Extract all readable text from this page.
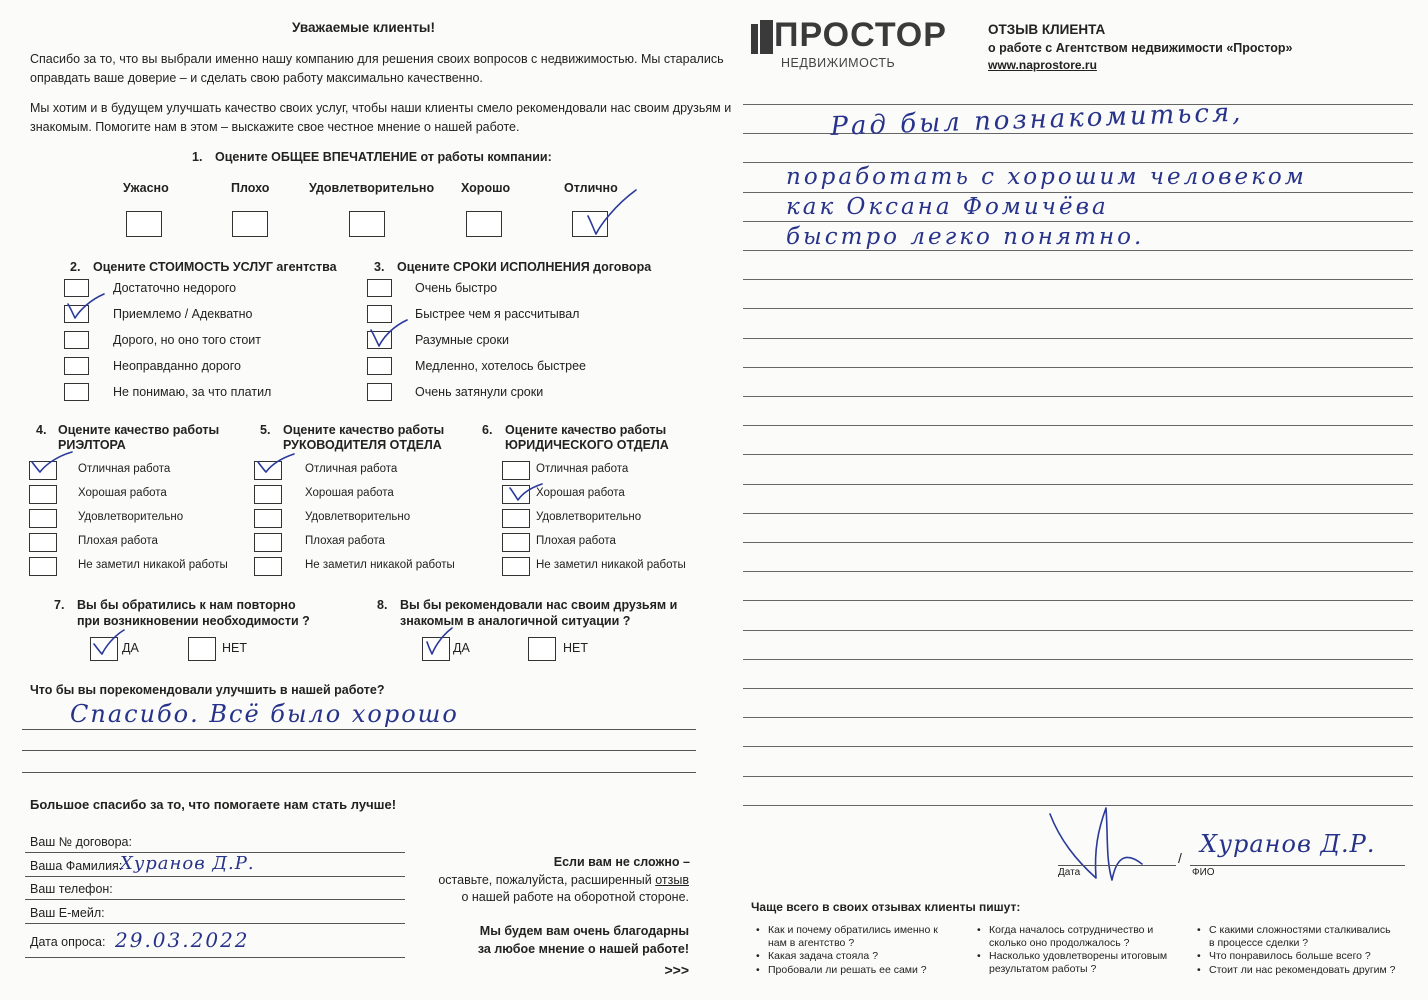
Уважаемые клиенты!
Спасибо за то, что вы выбрали именно нашу компанию для решения своих вопросов с недвижимостью. Мы старались
оправдать ваше доверие – и сделать свою работу максимально качественно.
Мы хотим и в будущем улучшать качество своих услуг, чтобы наши клиенты смело рекомендовали нас своим друзьям и
знакомым. Помогите нам в этом – выскажите свое честное мнение о нашей работе.
1. Оцените ОБЩЕЕ ВПЕЧАТЛЕНИЕ от работы компании:
Ужасно	Плохо	Удовлетворительно Хорошо	Отлично
2. Оцените СТОИМОСТЬ УСЛУГ агентства
Достаточно недорого
Приемлемо / Адекватно
Дорого, но оно того стоит
Неоправданно дорого
Не понимаю, за что платил
3. Оцените СРОКИ ИСПОЛНЕНИЯ договора
Очень быстро
Быстрее чем я рассчитывал
Разумные сроки
Медленно, хотелось быстрее
Очень затянули сроки
4. Оцените качество работы
РИЭЛТОРА
Отличная работа
Хорошая работа
Удовлетворительно
Плохая работа
Не заметил никакой работы
5. Оцените качество работы
РУКОВОДИТЕЛЯ ОТДЕЛА
Отличная работа
Хорошая работа
Удовлетворительно
Плохая работа
Не заметил никакой работы
6. Оцените качество работы
ЮРИДИЧЕСКОГО ОТДЕЛА
Отличная работа
Хорошая работа
Удовлетворительно
Плохая работа
Не заметил никакой работы
7. Вы бы обратились к нам повторно
при возникновении необходимости ?
ДА	НЕТ
8. Вы бы рекомендовали нас своим друзьям и
знакомым в аналогичной ситуации ?
ДА	НЕТ
Что бы вы порекомендовали улучшить в нашей работе?
Спасибо. Всё было хорошо
Большое спасибо за то, что помогаете нам стать лучше!
Ваш № договора:
Ваша Фамилия:
Хуранов Д.Р.
Ваш телефон:
Ваш E-мейл:
Дата опроса: 29.03.2022
Если вам не сложно –
оставьте, пожалуйста, расширенный отзыв
о нашей работе на оборотной стороне.
Мы будем вам очень благодарны
за любое мнение о нашей работе!
>>>
ПРОСТОР
НЕДВИЖИМОСТЬ
ОТЗЫВ КЛИЕНТА
о работе с Агентством недвижимости «Простор»
www.naprostore.ru
Рад был познакомиться,
поработать с хорошим человеком
как Оксана Фомичёва
быстро легко понятно.
/
Дата	ФИО
Хуранов Д.Р.
Чаще всего в своих отзывах клиенты пишут:
• Как и почему обратились именно к нам в агентство ?
• Какая задача стояла ?
• Пробовали ли решать ее сами ?
• Когда началось сотрудничество и сколько оно продолжалось ?
• Насколько удовлетворены итоговым результатом работы ?
• С какими сложностями сталкивались в процессе сделки ?
• Что понравилось больше всего ?
• Стоит ли нас рекомендовать другим ?
